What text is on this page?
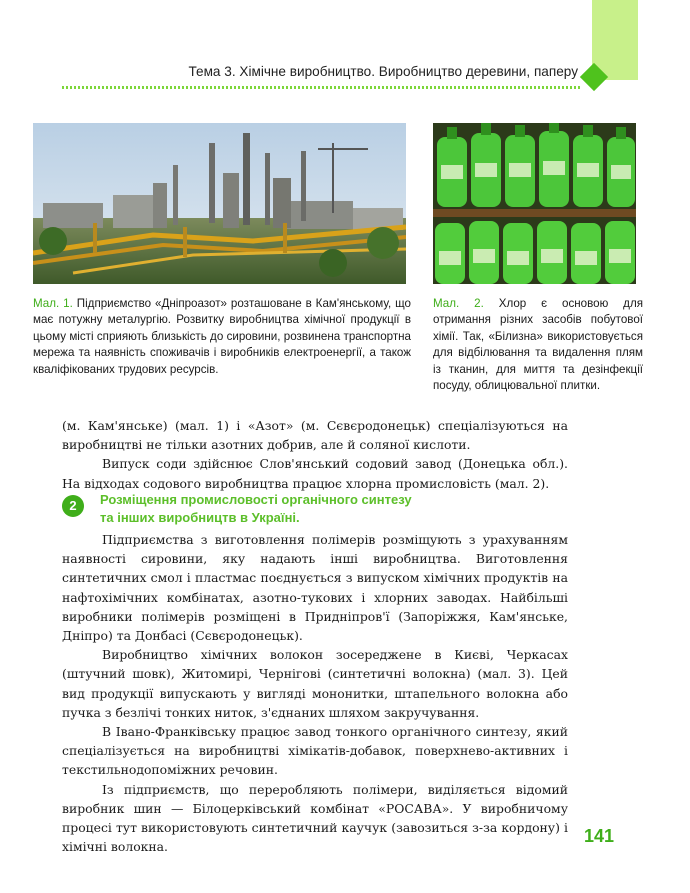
Тема 3. Хімічне виробництво. Виробництво деревини, паперу
Мал. 1. Підприємство «Дніпроазот» розташоване в Кам'янському, що має потужну металургію. Розвитку виробництва хімічної продукції в цьому місті сприяють близькість до сировини, розвинена транспортна мережа та наявність споживачів і виробників електроенергії, а також кваліфікованих трудових ресурсів.
Мал. 2. Хлор є основою для отримання різних засобів побутової хімії. Так, «Білизна» використовується для відбілювання та видалення плям із тканин, для миття та дезінфекції посуду, облицювальної плитки.

(м. Кам'янське) (мал. 1) і «Азот» (м. Сєвєродонецьк) спеціалізуються на виробництві не тільки азотних добрив, але й соляної кислоти.

Випуск соди здійснює Слов'янський содовий завод (Донецька обл.). На відходах содового виробництва працює хлорна промисловість (мал. 2).

2	Розміщення промисловості органічного синтезу
та інших виробництв в Україні.

Підприємства з виготовлення полімерів розміщують з урахуванням наявності сировини, яку надають інші виробництва. Виготовлення синтетичних смол і пластмас поєднується з випуском хімічних продуктів на нафтохімічних комбінатах, азотно-тукових і хлорних заводах. Найбільші виробники полімерів розміщені в Придніпров'ї (Запоріжжя, Кам'янське, Дніпро) та Донбасі (Сєвєродонецьк).

Виробництво хімічних волокон зосереджене в Києві, Черкасах (штучний шовк), Житомирі, Чернігові (синтетичні волокна) (мал. 3). Цей вид продукції випускають у вигляді мононитки, штапельного волокна або пучка з безлічі тонких ниток, з'єднаних шляхом закручування.

В Івано-Франківську працює завод тонкого органічного синтезу, який спеціалізується на виробництві хімікатів-добавок, поверхнево-активних і текстильнодопоміжних речовин.

Із підприємств, що переробляють полімери, виділяється відомий виробник шин — Білоцерківський комбінат «РОСАВА». У виробничому процесі тут використовують синтетичний каучук (завозиться з-за кордону) і хімічні волокна.

141
